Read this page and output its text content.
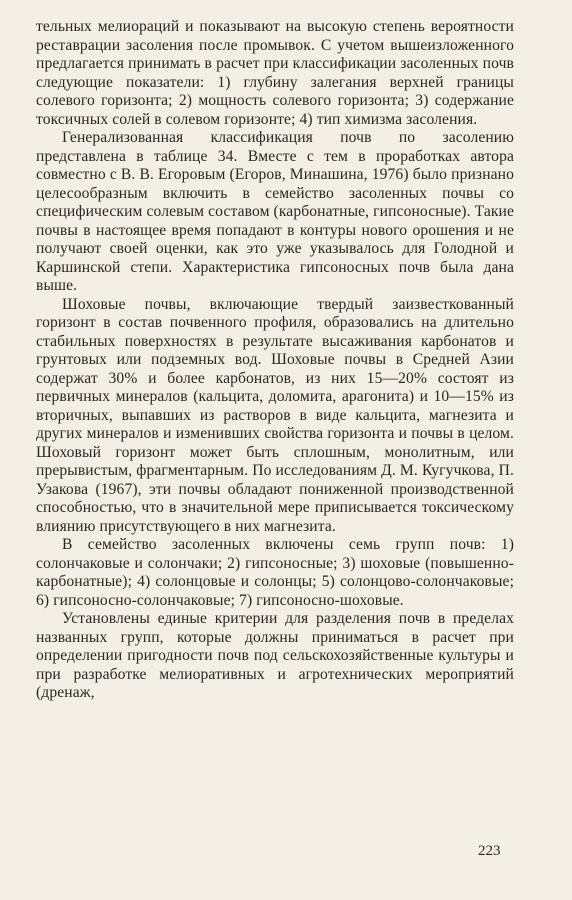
тельных мелиораций и показывают на высокую степень вероятности реставрации засоления после промывок. С учетом вышеизложенного предлагается принимать в расчет при классификации засоленных почв следующие показатели: 1) глубину залегания верхней границы солевого горизонта; 2) мощность солевого горизонта; 3) содержание токсичных солей в солевом горизонте; 4) тип химизма засоления.

Генерализованная классификация почв по засолению представлена в таблице 34. Вместе с тем в проработках автора совместно с В. В. Егоровым (Егоров, Минашина, 1976) было признано целесообразным включить в семейство засоленных почвы со специфическим солевым составом (карбонатные, гипсоносные). Такие почвы в настоящее время попадают в контуры нового орошения и не получают своей оценки, как это уже указывалось для Голодной и Каршинской степи. Характеристика гипсоносных почв была дана выше.

Шоховые почвы, включающие твердый заизвесткованный горизонт в состав почвенного профиля, образовались на длительно стабильных поверхностях в результате высаживания карбонатов и грунтовых или подземных вод. Шоховые почвы в Средней Азии содержат 30% и более карбонатов, из них 15—20% состоят из первичных минералов (кальцита, доломита, арагонита) и 10—15% из вторичных, выпавших из растворов в виде кальцита, магнезита и других минералов и изменивших свойства горизонта и почвы в целом. Шоховый горизонт может быть сплошным, монолитным, или прерывистым, фрагментарным. По исследованиям Д. М. Кугучкова, П. Узакова (1967), эти почвы обладают пониженной производственной способностью, что в значительной мере приписывается токсическому влиянию присутствующего в них магнезита.

В семейство засоленных включены семь групп почв: 1) солончаковые и солончаки; 2) гипсоносные; 3) шоховые (повышенно-карбонатные); 4) солонцовые и солонцы; 5) солонцово-солончаковые; 6) гипсоносно-солончаковые; 7) гипсоносно-шоховые.

Установлены единые критерии для разделения почв в пределах названных групп, которые должны приниматься в расчет при определении пригодности почв под сельскохозяйственные культуры и при разработке мелиоративных и агротехнических мероприятий (дренаж,

223
